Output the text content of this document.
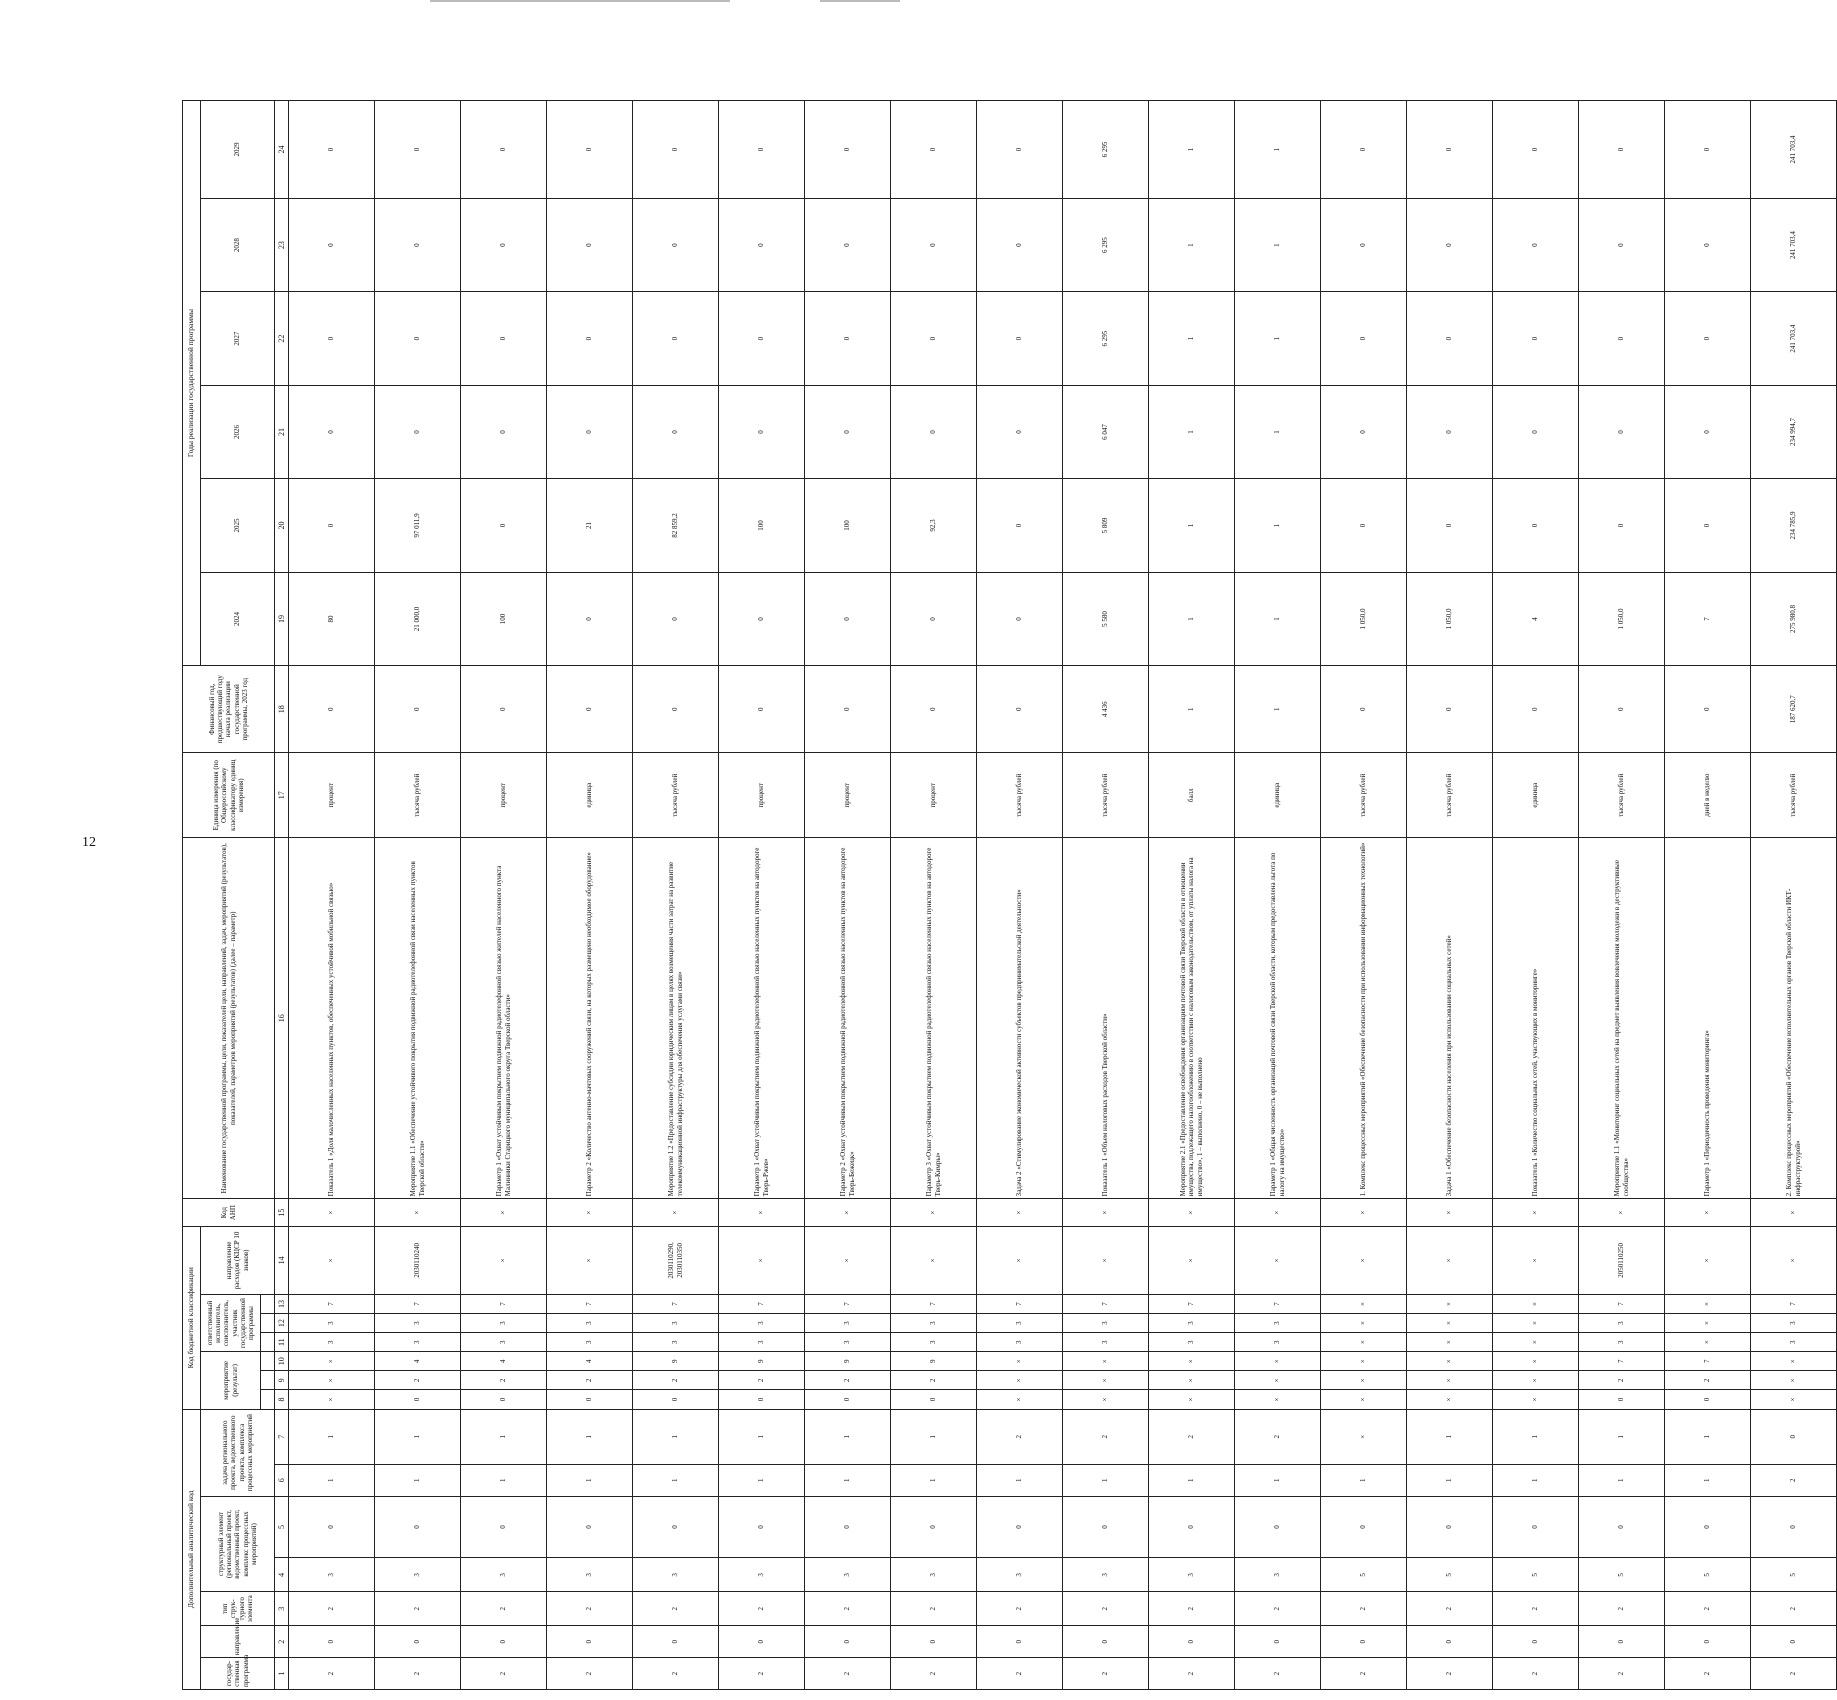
12
Дополнительный аналитический код							Код бюджетной классификации							Код АНП	Наименование государственной программы, цели, показателей цели, направлений, задач, мероприятий (результатов), показателей, параметров мероприятий (результатов) (далее – параметр)	Единица измерения (по Общероссийскому классификатору единиц измерения)	Финансовый год, предшествующий году начала реализации государственной программы, 2023 год	Годы реализации государственной программы					
государ-ственная программа	направление	тип струк-турного элемента	структурный элемент (региональный проект, ведомственный проект, комплекс процессных мероприятий)		задача регионального проекта, ведомственного проекта, комплекса процессных мероприятий		мероприятие (результат)			ответственный исполнитель, соисполнитель, участник государственной программы			направление расходов (КЦСР 10 знаков)					2024	2025	2026	2027	2028	2029

1	2	3	4	5	6	7	8	9	10	11	12	13	14	15	16	17	18	19	20	21	22	23	24
2	0	2	3	0	1	1	×	×	×	3	3	7	×	×	Показатель 1 «Доля малочисленных населенных пунктов, обеспеченных устойчивой мобильной связью»	процент	0	80	0	0	0	0	0
2	0	2	3	0	1	1	0	2	4	3	3	7	2030110240	×	Мероприятие 1.1 «Обеспечение устойчивого покрытия подвижной радиотелефонной связи населенных пунктов Тверской области»	тысяча рублей	0	21 000,0	97 011,9	0	0	0	0
2	0	2	3	0	1	1	0	2	4	3	3	7	×	×	Параметр 1 «Охват устойчивым покрытием подвижной радиотелефонной связью жителей населенного пункта Малинники Старицкого муниципального округа Тверской области»	процент	0	100	0	0	0	0	0
2	0	2	3	0	1	1	0	2	4	3	3	7	×	×	Параметр 2 «Количество антенно-мачтовых сооружений связи, на которых размещено необходимое оборудование»	единица	0	0	21	0	0	0	0
2	0	2	3	0	1	1	0	2	9	3	3	7	2030110290, 2030110350	×	Мероприятие 1.2 «Предоставление субсидии юридическим лицам в целях возмещения части затрат на развитие телекоммуникационной инфраструктуры для обеспечения услугами связи»	тысяча рублей	0	0	82 859,2	0	0	0	0
2	0	2	3	0	1	1	0	2	9	3	3	7	×	×	Параметр 1 «Охват устойчивым покрытием подвижной радиотелефонной связью населенных пунктов на автодороге Тверь-Ржев»	процент	0	0	100	0	0	0	0
2	0	2	3	0	1	1	0	2	9	3	3	7	×	×	Параметр 2 «Охват устойчивым покрытием подвижной радиотелефонной связью населенных пунктов на автодороге Тверь-Бежецк»	процент	0	0	100	0	0	0	0
2	0	2	3	0	1	1	0	2	9	3	3	7	×	×	Параметр 3 «Охват устойчивым покрытием подвижной радиотелефонной связью населенных пунктов на автодороге Тверь-Кимры»	процент	0	0	92,3	0	0	0	0
2	0	2	3	0	1	2	×	×	×	3	3	7	×	×	Задача 2 «Стимулирование экономической активности субъектов предпринимательской деятельности»	тысяча рублей	0	0	0	0	0	0	0
2	0	2	3	0	1	2	×	×	×	3	3	7	×	×	Показатель 1 «Объем налоговых расходов Тверской области»	тысяча рублей	4 436	5 580	5 809	6 047	6 295	6 295	6 295
2	0	2	3	0	1	2	×	×	×	3	3	7	×	×	Мероприятие 2.1 «Предоставление освобождения организациям почтовой связи Тверской области в отношении имущества, подлежащего налогообложению в соответствии с налоговым законодательством, от уплаты налога на имущество», 1 – выполнено, 0 – не выполнено	балл	1	1	1	1	1	1	1
2	0	2	3	0	1	2	×	×	×	3	3	7	×	×	Параметр 1 «Общая численность организаций почтовой связи Тверской области, которым предоставлена льгота по налогу на имущество»	единица	1	1	1	1	1	1	1
2	0	2	5	0	1	×	×	×	×	×	×	×	×	×	1. Комплекс процессных мероприятий «Обеспечение безопасности при использовании информационных технологий»	тысяча рублей	0	1 050,0	0	0	0	0	0
2	0	2	5	0	1	1	×	×	×	×	×	×	×	×	Задача 1 «Обеспечение безопасности населения при использовании социальных сетей»	тысяча рублей	0	1 050,0	0	0	0	0	0
2	0	2	5	0	1	1	×	×	×	×	×	×	×	×	Показатель 1 «Количество социальных сетей, участвующих в мониторинге»	единица	0	4	0	0	0	0	0
2	0	2	5	0	1	1	0	2	7	3	3	7	2050110250	×	Мероприятие 1.1 «Мониторинг социальных сетей на предмет выявления вовлечения молодежи в деструктивные сообщества»	тысяча рублей	0	1 050,0	0	0	0	0	0
2	0	2	5	0	1	1	0	2	7	×	×	×	×	×	Параметр 1 «Периодичность проведения мониторинга»	дней в неделю	0	7	0	0	0	0	0
2	0	2	5	0	2	0	×	×	×	3	3	7	×	×	2. Комплекс процессных мероприятий «Обеспечение исполнительных органов Тверской области ИКТ-инфраструктурой»	тысяча рублей	187 620,7	275 980,8	234 785,9	234 994,7	241 703,4	241 703,4	241 703,4
